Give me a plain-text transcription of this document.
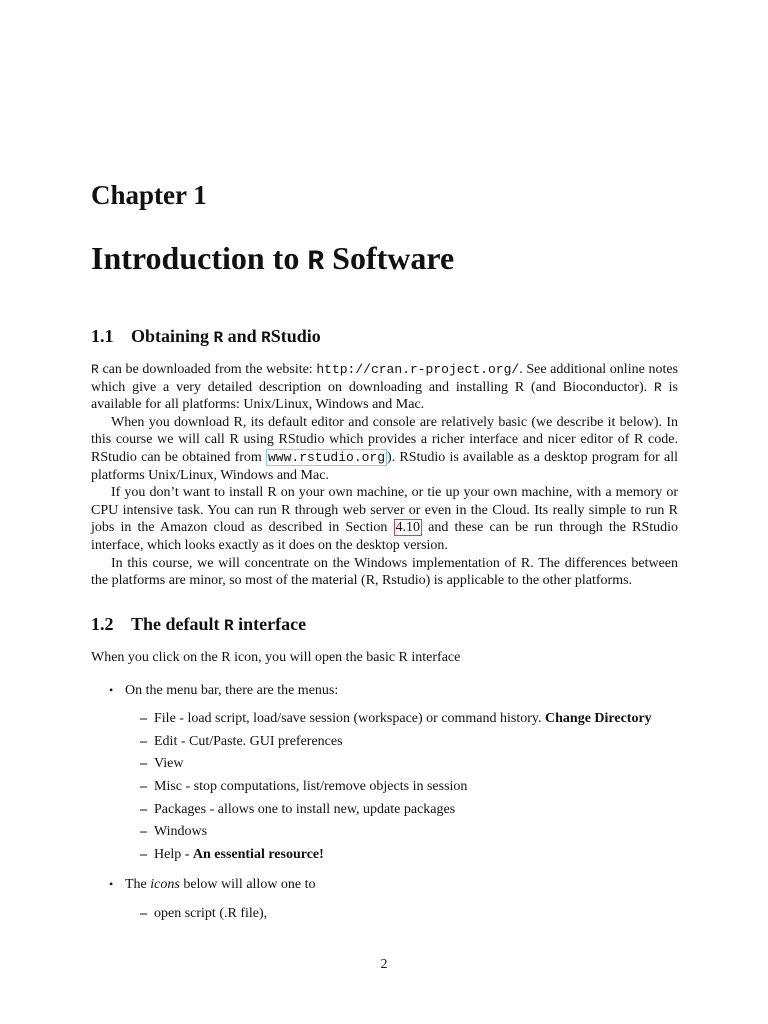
Chapter 1
Introduction to R Software
1.1 Obtaining R and RStudio

R can be downloaded from the website: http://cran.r-project.org/. See additional online notes which give a very detailed description on downloading and installing R (and Bioconductor). R is available for all platforms: Unix/Linux, Windows and Mac.

When you download R, its default editor and console are relatively basic (we describe it below). In this course we will call R using RStudio which provides a richer interface and nicer editor of R code. RStudio can be obtained from www.rstudio.org ). RStudio is available as a desktop program for all platforms Unix/Linux, Windows and Mac.

If you don’t want to install R on your own machine, or tie up your own machine, with a memory or CPU intensive task. You can run R through web server or even in the Cloud. Its really simple to run R jobs in the Amazon cloud as described in Section 4.10 and these can be run through the RStudio interface, which looks exactly as it does on the desktop version.

In this course, we will concentrate on the Windows implementation of R. The differences between the platforms are minor, so most of the material (R, Rstudio) is applicable to the other platforms.

1.2 The default R interface
When you click on the R icon, you will open the basic R interface
• On the menu bar, there are the menus:
– File - load script, load/save session (workspace) or command history. Change Directory
– Edit - Cut/Paste. GUI preferences
– View
– Misc - stop computations, list/remove objects in session
– Packages - allows one to install new, update packages
– Windows
– Help - An essential resource!
• The icons below will allow one to
– open script (.R file),
2
